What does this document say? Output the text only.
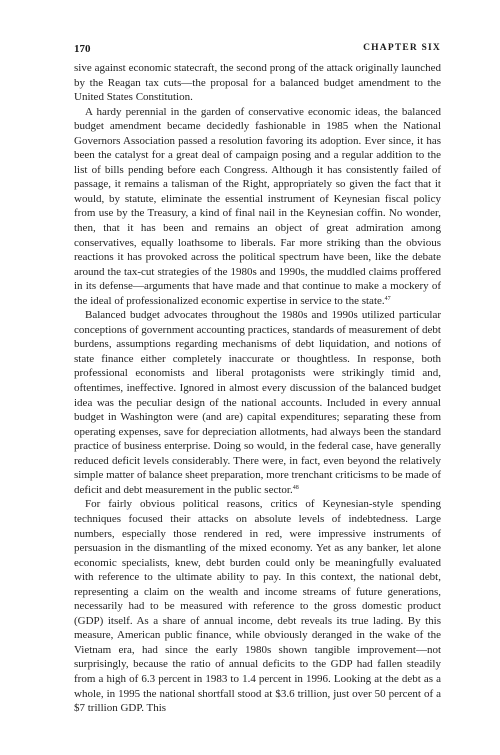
170	CHAPTER SIX

sive against economic statecraft, the second prong of the attack originally launched by the Reagan tax cuts—the proposal for a balanced budget amendment to the United States Constitution.

A hardy perennial in the garden of conservative economic ideas, the balanced budget amendment became decidedly fashionable in 1985 when the National Governors Association passed a resolution favoring its adoption. Ever since, it has been the catalyst for a great deal of campaign posing and a regular addition to the list of bills pending before each Congress. Although it has consistently failed of passage, it remains a talisman of the Right, appropriately so given the fact that it would, by statute, eliminate the essential instrument of Keynesian fiscal policy from use by the Treasury, a kind of final nail in the Keynesian coffin. No wonder, then, that it has been and remains an object of great admiration among conservatives, equally loathsome to liberals. Far more striking than the obvious reactions it has provoked across the political spectrum have been, like the debate around the tax-cut strategies of the 1980s and 1990s, the muddled claims proffered in its defense—arguments that have made and that continue to make a mockery of the ideal of professionalized economic expertise in service to the state.$^{47}$

Balanced budget advocates throughout the 1980s and 1990s utilized particular conceptions of government accounting practices, standards of measurement of debt burdens, assumptions regarding mechanisms of debt liquidation, and notions of state finance either completely inaccurate or thoughtless. In response, both professional economists and liberal protagonists were strikingly timid and, oftentimes, ineffective. Ignored in almost every discussion of the balanced budget idea was the peculiar design of the national accounts. Included in every annual budget in Washington were (and are) capital expenditures; separating these from operating expenses, save for depreciation allotments, had always been the standard practice of business enterprise. Doing so would, in the federal case, have generally reduced deficit levels considerably. There were, in fact, even beyond the relatively simple matter of balance sheet preparation, more trenchant criticisms to be made of deficit and debt measurement in the public sector.$^{48}$

For fairly obvious political reasons, critics of Keynesian-style spending techniques focused their attacks on absolute levels of indebtedness. Large numbers, especially those rendered in red, were impressive instruments of persuasion in the dismantling of the mixed economy. Yet as any banker, let alone economic specialists, knew, debt burden could only be meaningfully evaluated with reference to the ultimate ability to pay. In this context, the national debt, representing a claim on the wealth and income streams of future generations, necessarily had to be measured with reference to the gross domestic product (GDP) itself. As a share of annual income, debt reveals its true lading. By this measure, American public finance, while obviously deranged in the wake of the Vietnam era, had since the early 1980s shown tangible improvement—not surprisingly, because the ratio of annual deficits to the GDP had fallen steadily from a high of 6.3 percent in 1983 to 1.4 percent in 1996. Looking at the debt as a whole, in 1995 the national shortfall stood at $3.6 trillion, just over 50 percent of a $7 trillion GDP. This
